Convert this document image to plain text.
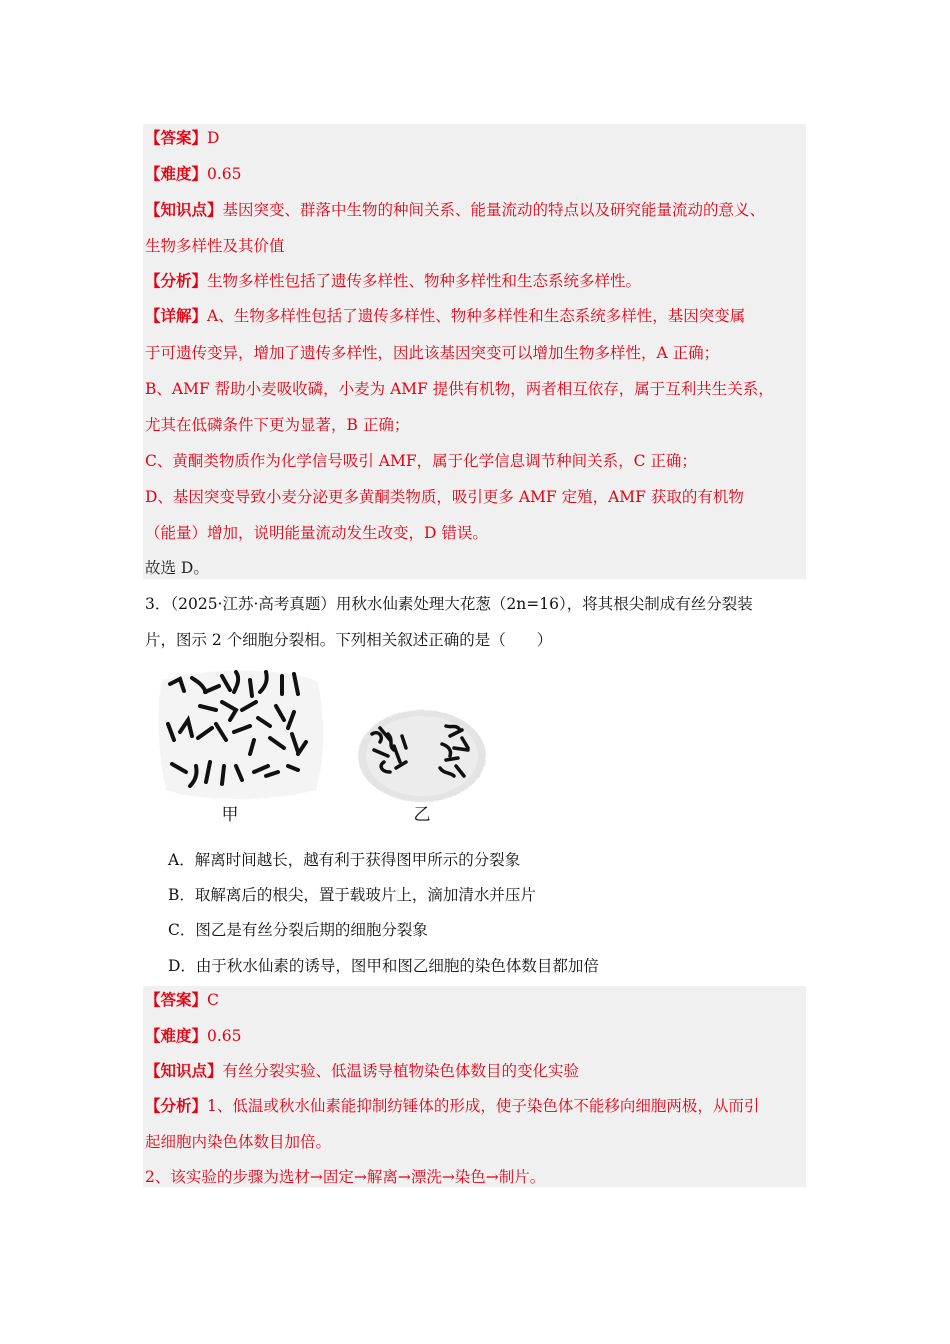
【答案】D
【难度】0.65
【知识点】基因突变、群落中生物的种间关系、能量流动的特点以及研究能量流动的意义、
生物多样性及其价值
【分析】生物多样性包括了遗传多样性、物种多样性和生态系统多样性。
【详解】A、生物多样性包括了遗传多样性、物种多样性和生态系统多样性，基因突变属
于可遗传变异，增加了遗传多样性，因此该基因突变可以增加生物多样性，A 正确；
B、AMF 帮助小麦吸收磷，小麦为 AMF 提供有机物，两者相互依存，属于互利共生关系，
尤其在低磷条件下更为显著，B 正确；
C、黄酮类物质作为化学信号吸引 AMF，属于化学信息调节种间关系，C 正确；
D、基因突变导致小麦分泌更多黄酮类物质，吸引更多 AMF 定殖，AMF 获取的有机物
（能量）增加，说明能量流动发生改变，D 错误。
故选 D。
3．（2025·江苏·高考真题）用秋水仙素处理大花葱（2n=16），将其根尖制成有丝分裂装
片，图示 2 个细胞分裂相。下列相关叙述正确的是（　　）
甲	乙
A．解离时间越长，越有利于获得图甲所示的分裂象
B．取解离后的根尖，置于载玻片上，滴加清水并压片
C．图乙是有丝分裂后期的细胞分裂象
D．由于秋水仙素的诱导，图甲和图乙细胞的染色体数目都加倍
【答案】C
【难度】0.65
【知识点】有丝分裂实验、低温诱导植物染色体数目的变化实验
【分析】1、低温或秋水仙素能抑制纺锤体的形成，使子染色体不能移向细胞两极，从而引
起细胞内染色体数目加倍。
2、该实验的步骤为选材→固定→解离→漂洗→染色→制片。
